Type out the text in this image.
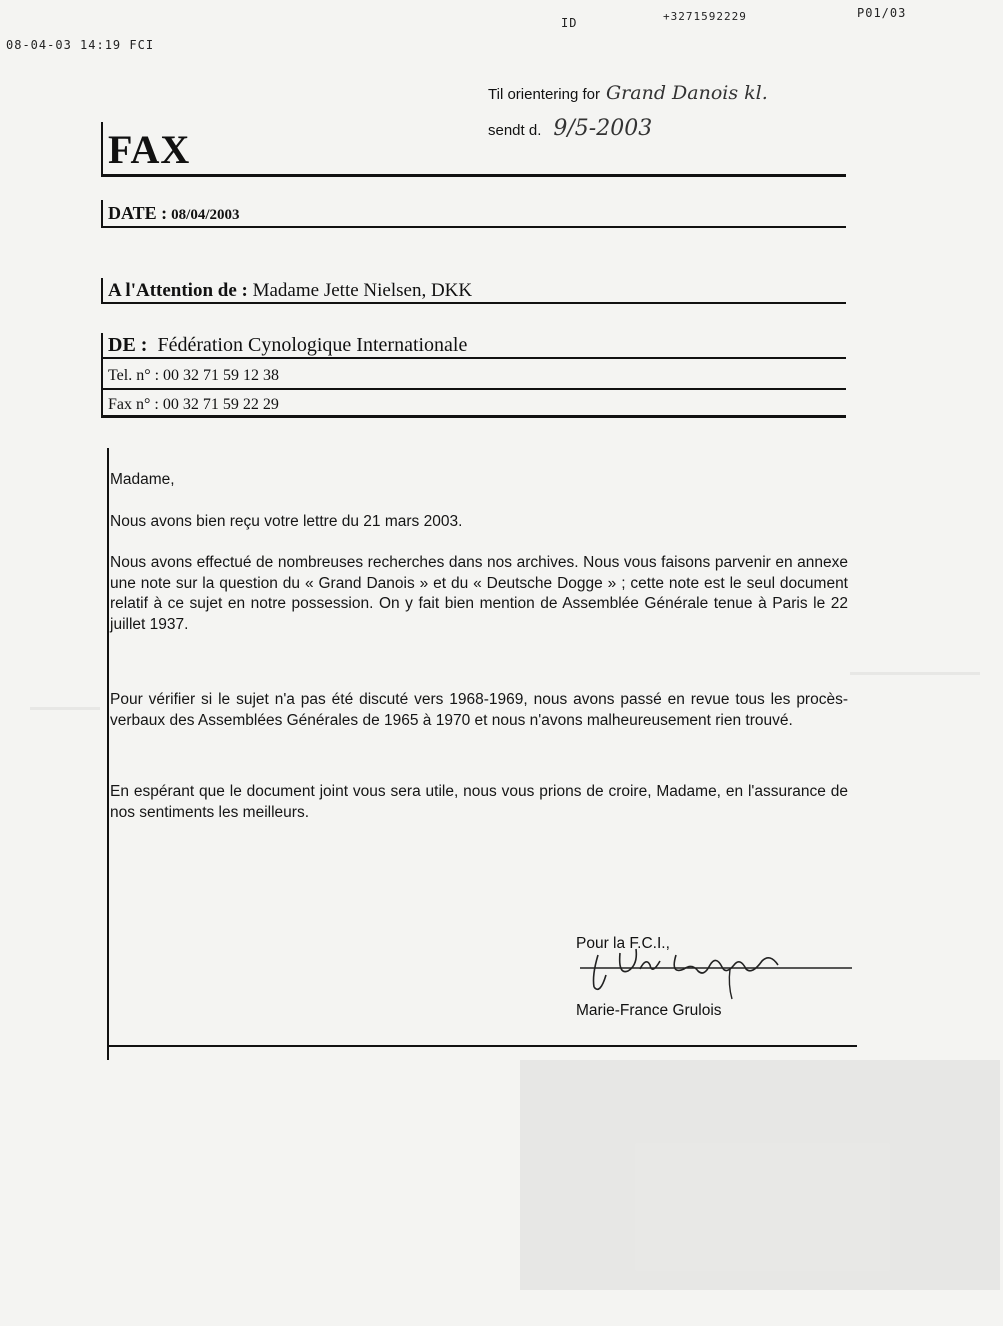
08-04-03 14:19 FCI
ID	+3271592229	P01/03
Til orientering for Grand Danois kl.
sendt d. 9/5-2003
FAX
DATE : 08/04/2003
A l'Attention de : Madame Jette Nielsen, DKK
DE : Fédération Cynologique Internationale
Tel. n° : 00 32 71 59 12 38
Fax n° : 00 32 71 59 22 29

Madame,

Nous avons bien reçu votre lettre du 21 mars 2003.

Nous avons effectué de nombreuses recherches dans nos archives. Nous vous faisons parvenir en annexe une note sur la question du « Grand Danois » et du « Deutsche Dogge » ; cette note est le seul document relatif à ce sujet en notre possession. On y fait bien mention de Assemblée Générale tenue à Paris le 22 juillet 1937.

Pour vérifier si le sujet n'a pas été discuté vers 1968-1969, nous avons passé en revue tous les procès-verbaux des Assemblées Générales de 1965 à 1970 et nous n'avons malheureusement rien trouvé.

En espérant que le document joint vous sera utile, nous vous prions de croire, Madame, en l'assurance de nos sentiments les meilleurs.

Pour la F.C.I.,
Marie-France Grulois
